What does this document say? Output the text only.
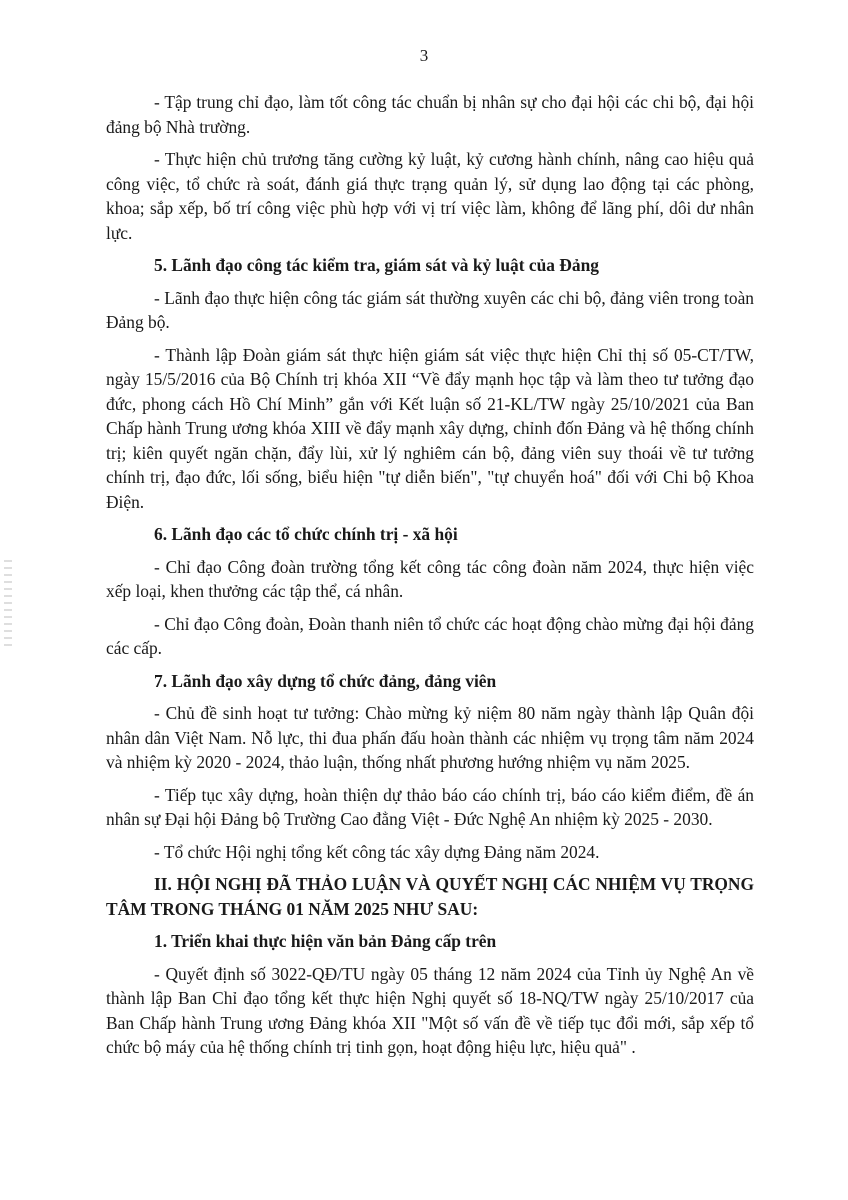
3

- Tập trung chỉ đạo, làm tốt công tác chuẩn bị nhân sự cho đại hội các chi bộ, đại hội đảng bộ Nhà trường.

- Thực hiện chủ trương tăng cường kỷ luật, kỷ cương hành chính, nâng cao hiệu quả công việc, tổ chức rà soát, đánh giá thực trạng quản lý, sử dụng lao động tại các phòng, khoa; sắp xếp, bố trí công việc phù hợp với vị trí việc làm, không để lãng phí, dôi dư nhân lực.

5. Lãnh đạo công tác kiểm tra, giám sát và kỷ luật của Đảng

- Lãnh đạo thực hiện công tác giám sát thường xuyên các chi bộ, đảng viên trong toàn Đảng bộ.

- Thành lập Đoàn giám sát thực hiện giám sát việc thực hiện Chỉ thị số 05-CT/TW, ngày 15/5/2016 của Bộ Chính trị khóa XII “Về đẩy mạnh học tập và làm theo tư tưởng đạo đức, phong cách Hồ Chí Minh” gắn với Kết luận số 21-KL/TW ngày 25/10/2021 của Ban Chấp hành Trung ương khóa XIII về đẩy mạnh xây dựng, chỉnh đốn Đảng và hệ thống chính trị; kiên quyết ngăn chặn, đẩy lùi, xử lý nghiêm cán bộ, đảng viên suy thoái về tư tưởng chính trị, đạo đức, lối sống, biểu hiện "tự diễn biến", "tự chuyển hoá" đối với Chi bộ Khoa Điện.

6. Lãnh đạo các tổ chức chính trị - xã hội

- Chỉ đạo Công đoàn trường tổng kết công tác công đoàn năm 2024, thực hiện việc xếp loại, khen thưởng các tập thể, cá nhân.

- Chỉ đạo Công đoàn, Đoàn thanh niên tổ chức các hoạt động chào mừng đại hội đảng các cấp.

7. Lãnh đạo xây dựng tổ chức đảng, đảng viên

- Chủ đề sinh hoạt tư tưởng: Chào mừng kỷ niệm 80 năm ngày thành lập Quân đội nhân dân Việt Nam. Nỗ lực, thi đua phấn đấu hoàn thành các nhiệm vụ trọng tâm năm 2024 và nhiệm kỳ 2020 - 2024, thảo luận, thống nhất phương hướng nhiệm vụ năm 2025.

- Tiếp tục xây dựng, hoàn thiện dự thảo báo cáo chính trị, báo cáo kiểm điểm, đề án nhân sự Đại hội Đảng bộ Trường Cao đẳng Việt - Đức Nghệ An nhiệm kỳ 2025 - 2030.

- Tổ chức Hội nghị tổng kết công tác xây dựng Đảng năm 2024.

II. HỘI NGHỊ ĐÃ THẢO LUẬN VÀ QUYẾT NGHỊ CÁC NHIỆM VỤ TRỌNG TÂM TRONG THÁNG 01 NĂM 2025 NHƯ SAU:
1. Triển khai thực hiện văn bản Đảng cấp trên

- Quyết định số 3022-QĐ/TU ngày 05 tháng 12 năm 2024 của Tỉnh ủy Nghệ An về thành lập Ban Chỉ đạo tổng kết thực hiện Nghị quyết số 18-NQ/TW ngày 25/10/2017 của Ban Chấp hành Trung ương Đảng khóa XII "Một số vấn đề về tiếp tục đổi mới, sắp xếp tổ chức bộ máy của hệ thống chính trị tinh gọn, hoạt động hiệu lực, hiệu quả" .
